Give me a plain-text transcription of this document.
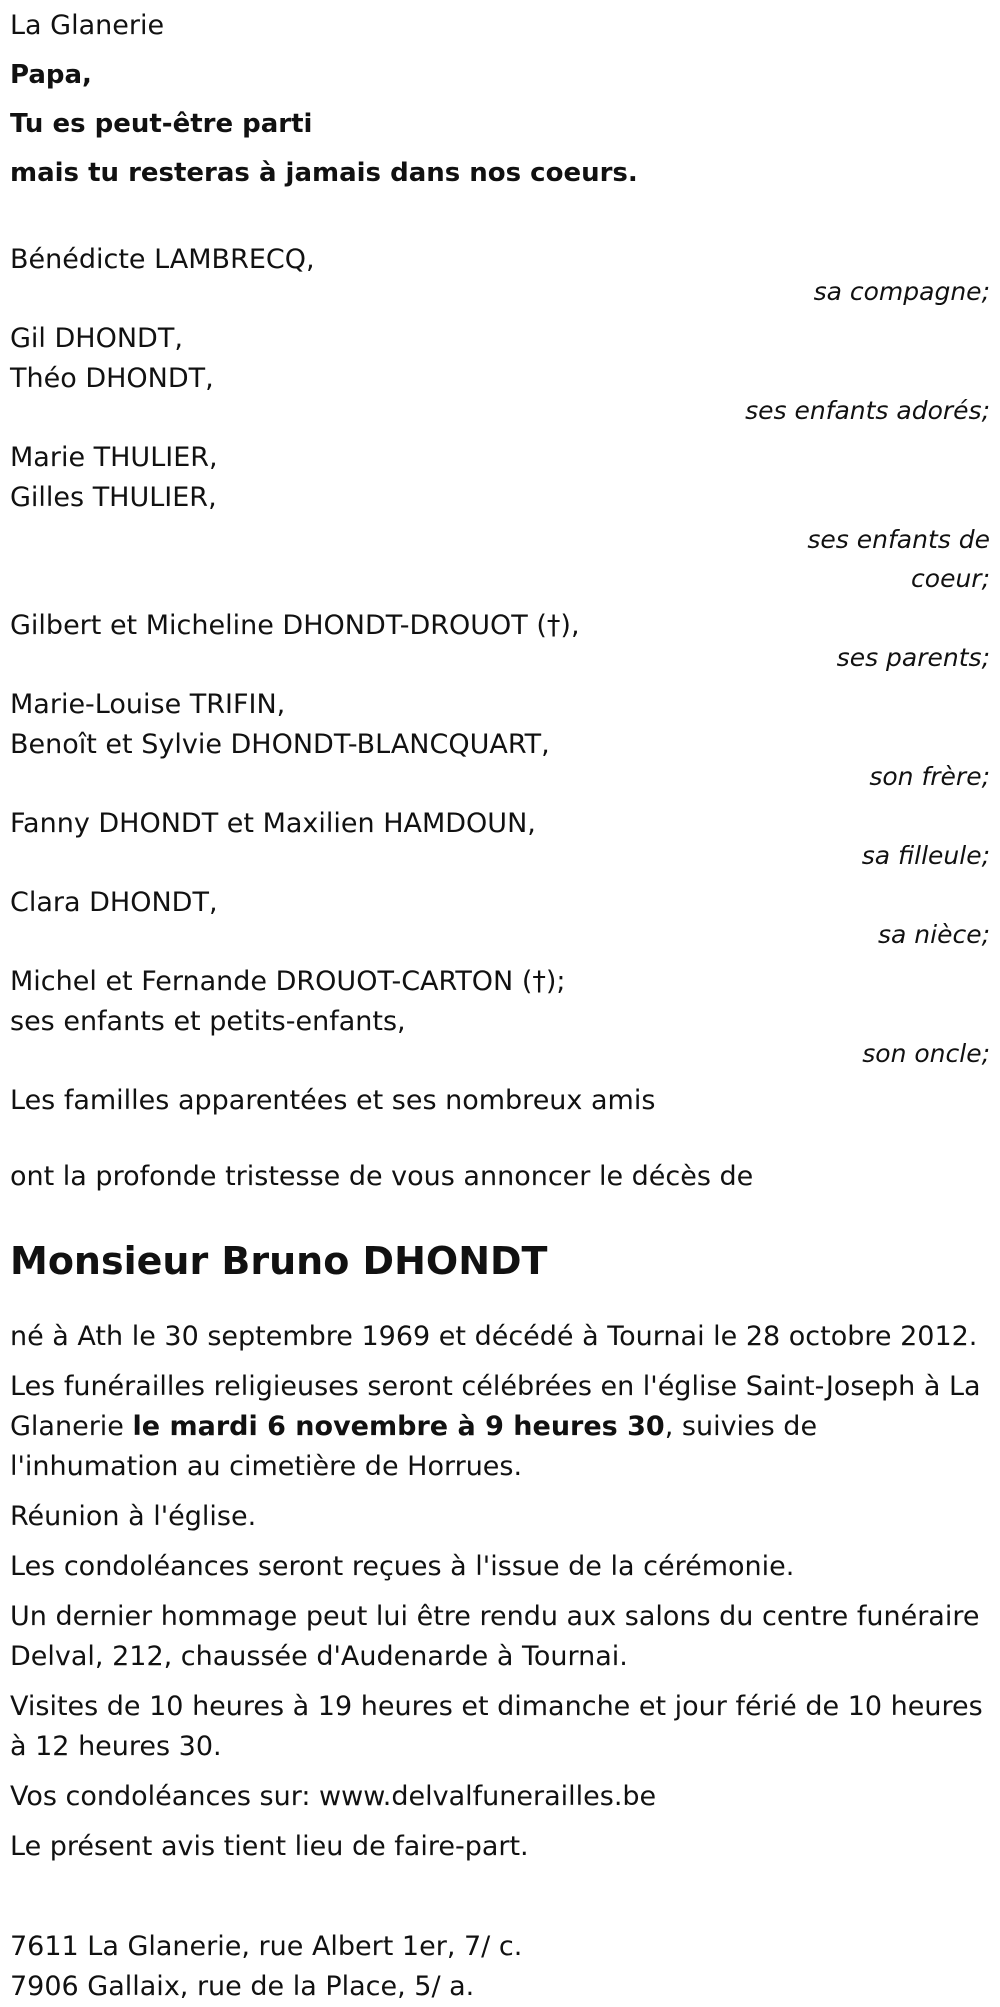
La Glanerie
Papa,
Tu es peut-être parti
mais tu resteras à jamais dans nos coeurs.
Bénédicte LAMBRECQ,
sa compagne;
Gil DHONDT,
Théo DHONDT,
ses enfants adorés;
Marie THULIER,
Gilles THULIER,
ses enfants de coeur;
Gilbert et Micheline DHONDT-DROUOT (†),
ses parents;
Marie-Louise TRIFIN,
Benoît et Sylvie DHONDT-BLANCQUART,
son frère;
Fanny DHONDT et Maxilien HAMDOUN,
sa filleule;
Clara DHONDT,
sa nièce;
Michel et Fernande DROUOT-CARTON (†);
ses enfants et petits-enfants,
son oncle;
Les familles apparentées et ses nombreux amis
ont la profonde tristesse de vous annoncer le décès de
Monsieur Bruno DHONDT

né à Ath le 30 septembre 1969 et décédé à Tournai le 28 octobre 2012.

Les funérailles religieuses seront célébrées en l'église Saint-Joseph à La Glanerie le mardi 6 novembre à 9 heures 30, suivies de l'inhumation au cimetière de Horrues.

Réunion à l'église.

Les condoléances seront reçues à l'issue de la cérémonie.

Un dernier hommage peut lui être rendu aux salons du centre funéraire Delval, 212, chaussée d'Audenarde à Tournai.

Visites de 10 heures à 19 heures et dimanche et jour férié de 10 heures à 12 heures 30.

Vos condoléances sur: www.delvalfunerailles.be

Le présent avis tient lieu de faire-part.

7611 La Glanerie, rue Albert 1er, 7/ c.
7906 Gallaix, rue de la Place, 5/ a.
